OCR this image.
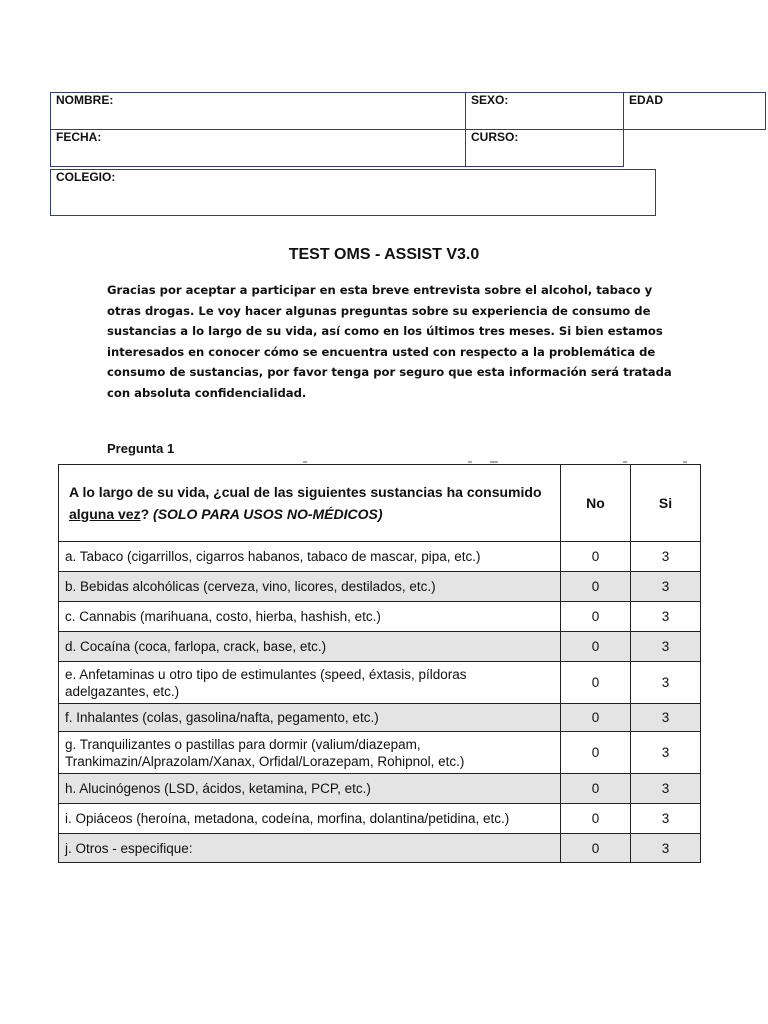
NOMBRE:	SEXO:	EDAD
FECHA:	CURSO:
COLEGIO:
TEST OMS - ASSIST V3.0
Gracias por aceptar a participar en esta breve entrevista sobre el alcohol, tabaco y otras drogas. Le voy hacer algunas preguntas sobre su experiencia de consumo de sustancias a lo largo de su vida, así como en los últimos tres meses. Si bien estamos interesados en conocer cómo se encuentra usted con respecto a la problemática de consumo de sustancias, por favor tenga por seguro que esta información será tratada con absoluta confidencialidad.
Pregunta 1
A lo largo de su vida, ¿cual de las siguientes sustancias ha consumido alguna vez? (SOLO PARA USOS NO-MÉDICOS)	No	Si
a. Tabaco (cigarrillos, cigarros habanos, tabaco de mascar, pipa, etc.)	0	3
b. Bebidas alcohólicas (cerveza, vino, licores, destilados, etc.)	0	3
c. Cannabis (marihuana, costo, hierba, hashish, etc.)	0	3
d. Cocaína (coca, farlopa, crack, base, etc.)	0	3
e. Anfetaminas u otro tipo de estimulantes (speed, éxtasis, píldoras adelgazantes, etc.)	0	3
f. Inhalantes (colas, gasolina/nafta, pegamento, etc.)	0	3
g. Tranquilizantes o pastillas para dormir (valium/diazepam, Trankimazin/Alprazolam/Xanax, Orfidal/Lorazepam, Rohipnol, etc.)	0	3
h. Alucinógenos (LSD, ácidos, ketamina, PCP, etc.)	0	3
i. Opiáceos (heroína, metadona, codeína, morfina, dolantina/petidina, etc.)	0	3
j. Otros - especifique:	0	3
